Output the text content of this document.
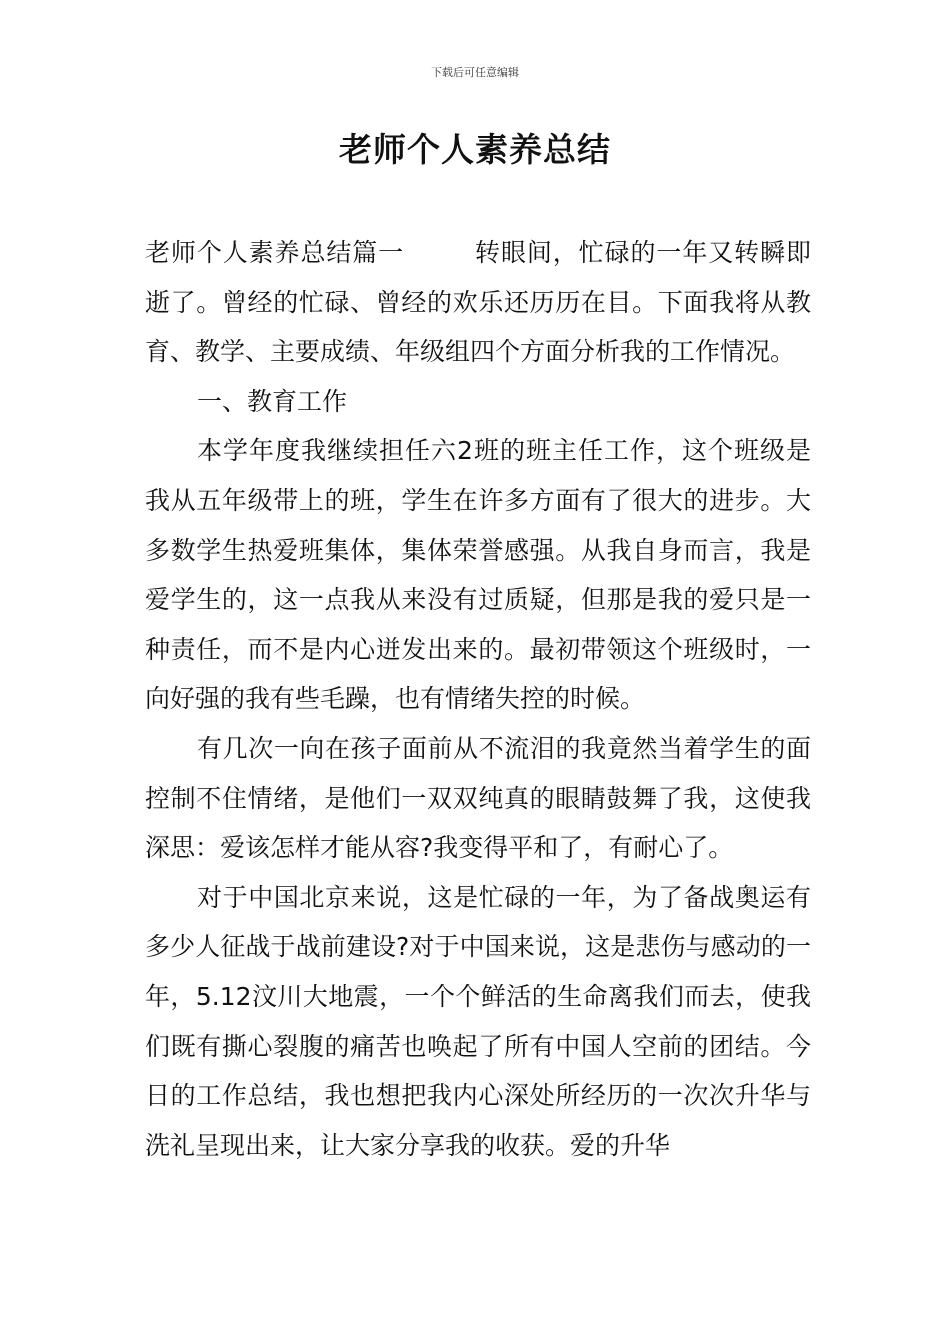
下载后可任意编辑
老师个人素养总结

老师个人素养总结篇一	转眼间，忙碌的一年又转瞬即逝了。曾经的忙碌、曾经的欢乐还历历在目。下面我将从教育、教学、主要成绩、年级组四个方面分析我的工作情况。

一、教育工作

本学年度我继续担任六2班的班主任工作，这个班级是我从五年级带上的班，学生在许多方面有了很大的进步。大多数学生热爱班集体，集体荣誉感强。从我自身而言，我是爱学生的，这一点我从来没有过质疑，但那是我的爱只是一种责任，而不是内心迸发出来的。最初带领这个班级时，一向好强的我有些毛躁，也有情绪失控的时候。

有几次一向在孩子面前从不流泪的我竟然当着学生的面控制不住情绪，是他们一双双纯真的眼睛鼓舞了我，这使我深思：爱该怎样才能从容?我变得平和了，有耐心了。

对于中国北京来说，这是忙碌的一年，为了备战奥运有多少人征战于战前建设?对于中国来说，这是悲伤与感动的一年，5.12汶川大地震，一个个鲜活的生命离我们而去，使我们既有撕心裂腹的痛苦也唤起了所有中国人空前的团结。今日的工作总结，我也想把我内心深处所经历的一次次升华与洗礼呈现出来，让大家分享我的收获。爱的升华
